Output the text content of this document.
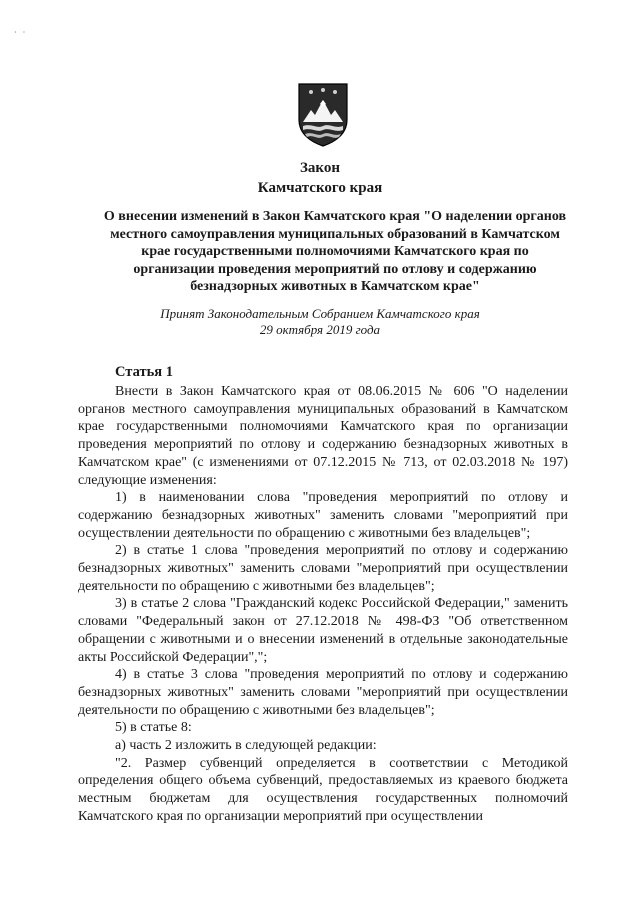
· ·
Закон
Камчатского края
О внесении изменений в Закон Камчатского края "О наделении органов местного самоуправления муниципальных образований в Камчатском крае государственными полномочиями Камчатского края по организации проведения мероприятий по отлову и содержанию безнадзорных животных в Камчатском крае"
Принят Законодательным Собранием Камчатского края
29 октября 2019 года
Статья 1

Внести в Закон Камчатского края от 08.06.2015 № 606 "О наделении органов местного самоуправления муниципальных образований в Камчатском крае государственными полномочиями Камчатского края по организации проведения мероприятий по отлову и содержанию безнадзорных животных в Камчатском крае" (с изменениями от 07.12.2015 № 713, от 02.03.2018 № 197) следующие изменения:

1) в наименовании слова "проведения мероприятий по отлову и содержанию безнадзорных животных" заменить словами "мероприятий при осуществлении деятельности по обращению с животными без владельцев";

2) в статье 1 слова "проведения мероприятий по отлову и содержанию безнадзорных животных" заменить словами "мероприятий при осуществлении деятельности по обращению с животными без владельцев";

3) в статье 2 слова "Гражданский кодекс Российской Федерации," заменить словами "Федеральный закон от 27.12.2018 № 498-ФЗ "Об ответственном обращении с животными и о внесении изменений в отдельные законодательные акты Российской Федерации",";

4) в статье 3 слова "проведения мероприятий по отлову и содержанию безнадзорных животных" заменить словами "мероприятий при осуществлении деятельности по обращению с животными без владельцев";

5) в статье 8:

а) часть 2 изложить в следующей редакции:

"2. Размер субвенций определяется в соответствии с Методикой определения общего объема субвенций, предоставляемых из краевого бюджета местным бюджетам для осуществления государственных полномочий Камчатского края по организации мероприятий при осуществлении
